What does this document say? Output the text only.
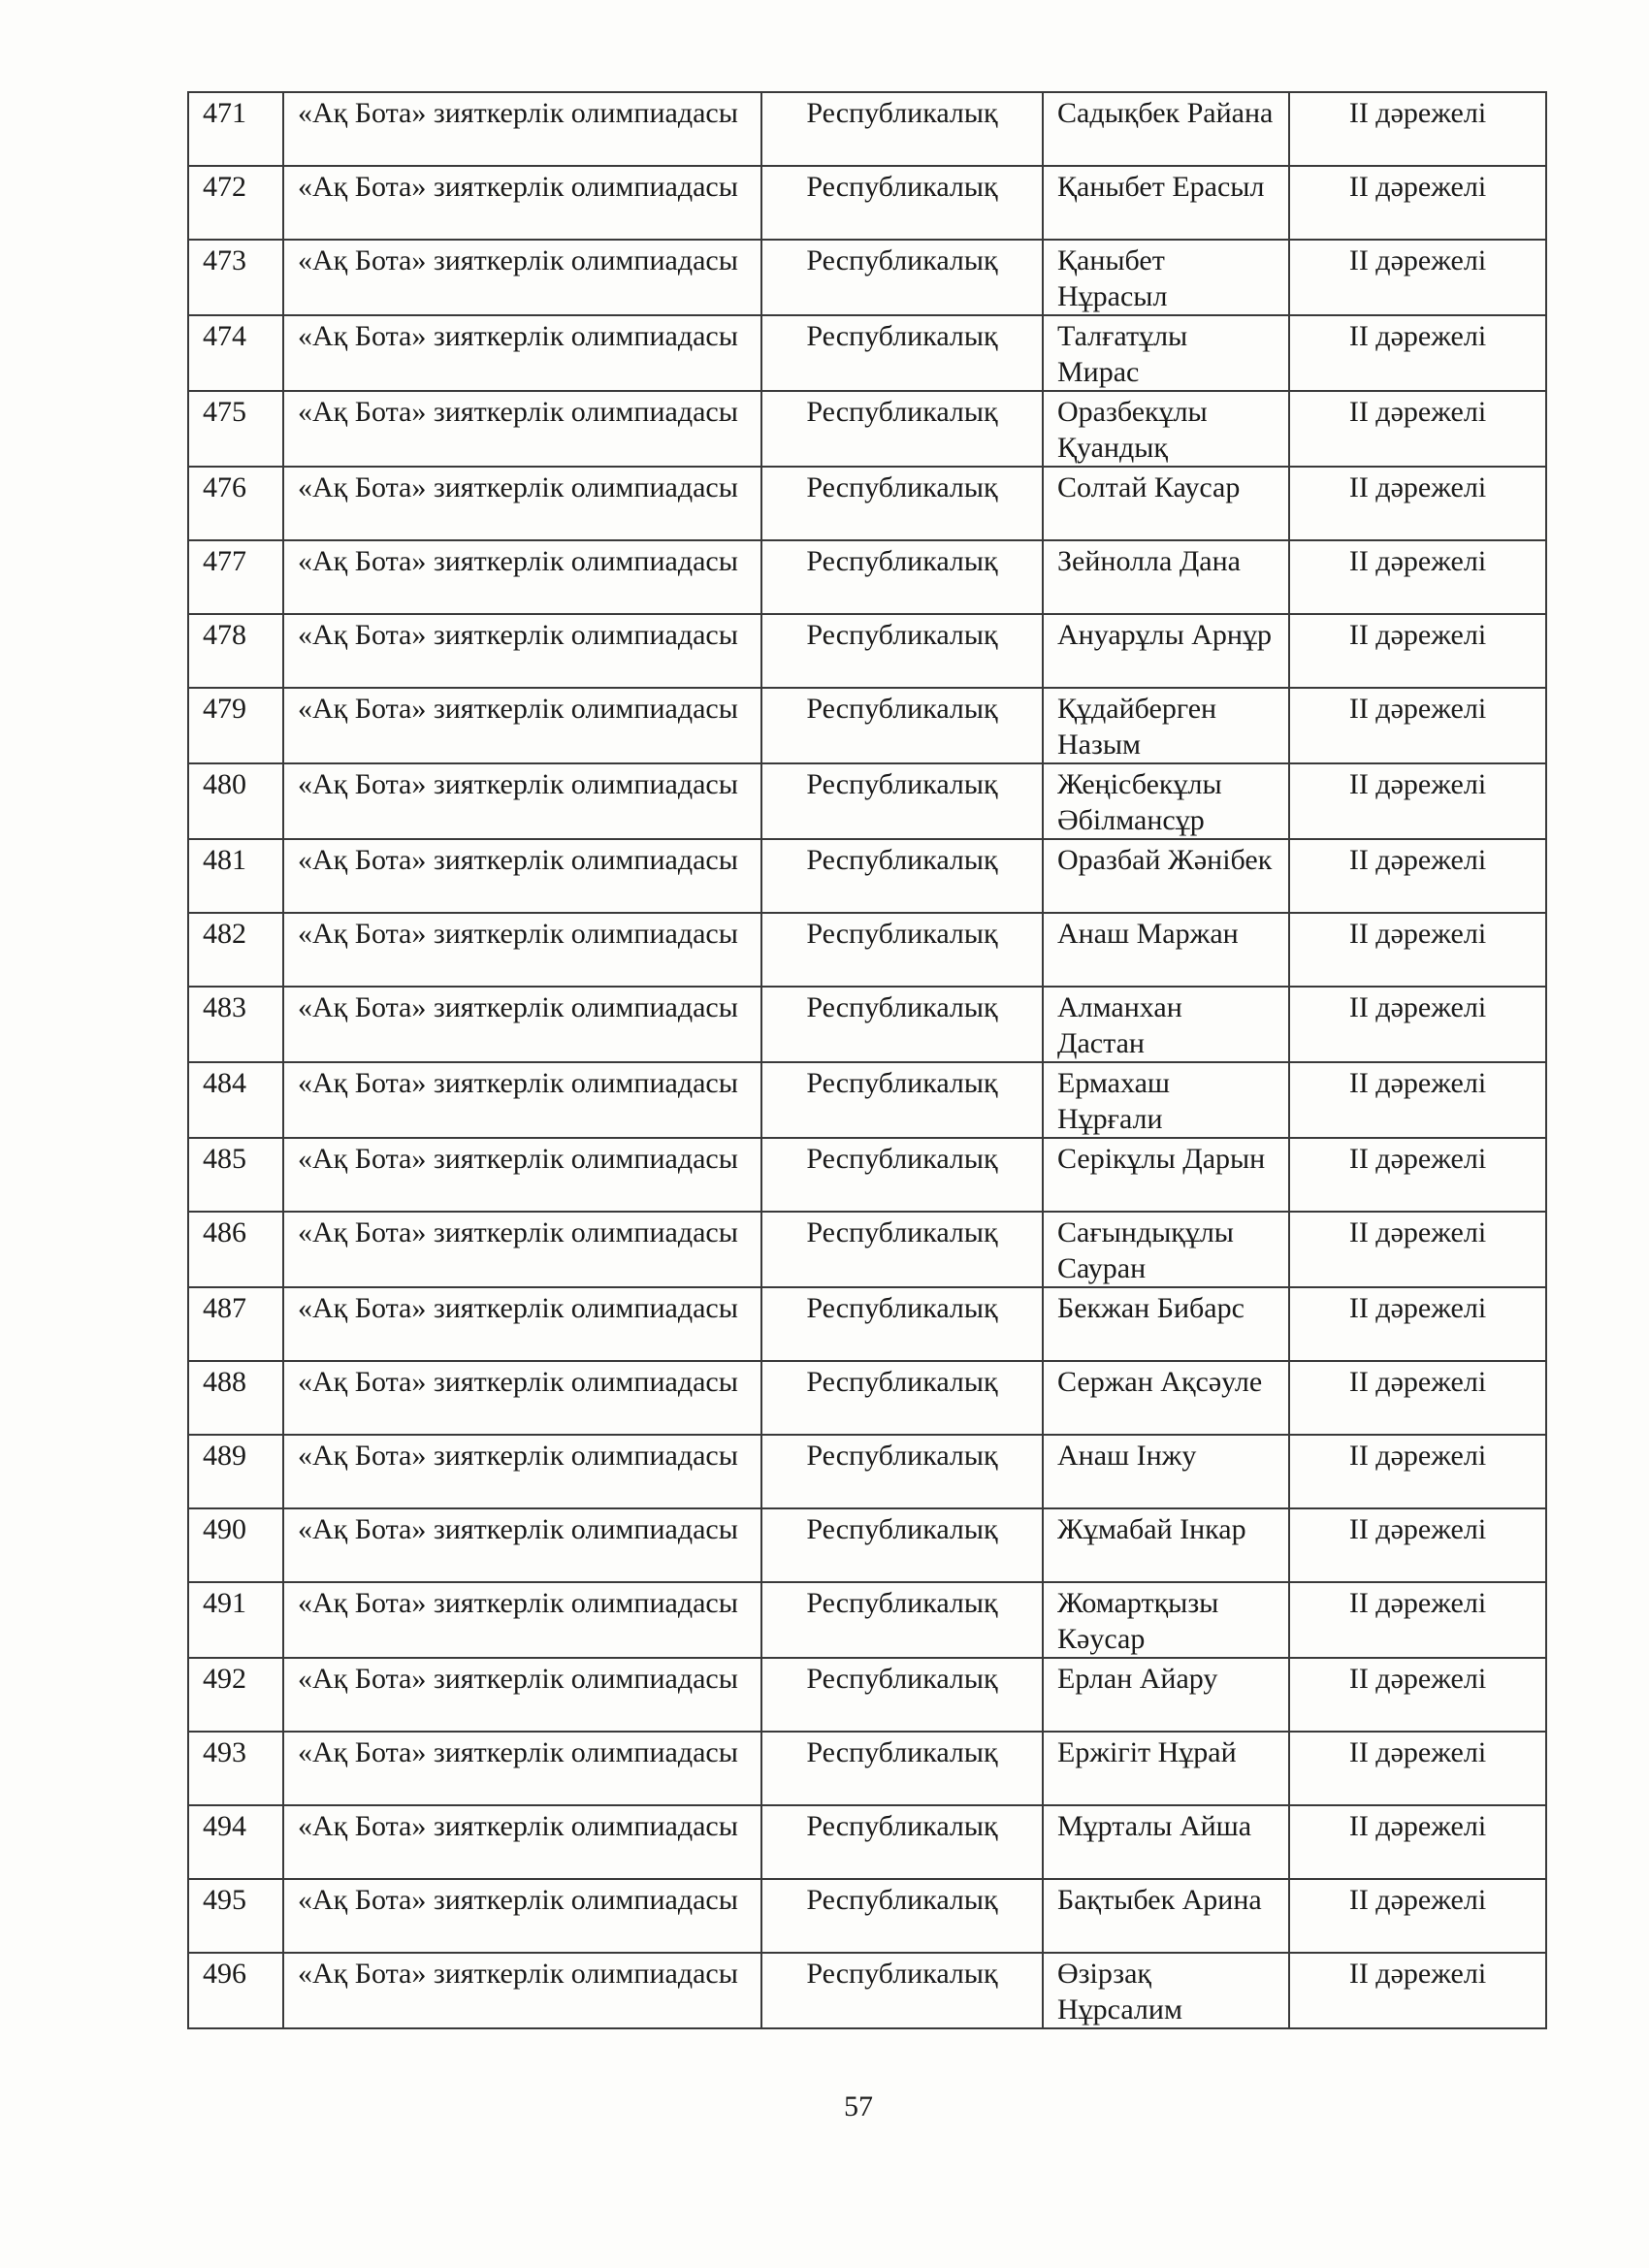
471	«Ақ Бота» зияткерлік олимпиадасы	Республикалық	Садықбек Райана	ІІ дәрежелі
472	«Ақ Бота» зияткерлік олимпиадасы	Республикалық	Қаныбет Ерасыл	ІІ дәрежелі
473	«Ақ Бота» зияткерлік олимпиадасы	Республикалық	Қаныбет Нұрасыл	ІІ дәрежелі
474	«Ақ Бота» зияткерлік олимпиадасы	Республикалық	Талғатұлы Мирас	ІІ дәрежелі
475	«Ақ Бота» зияткерлік олимпиадасы	Республикалық	Оразбекұлы Қуандық	ІІ дәрежелі
476	«Ақ Бота» зияткерлік олимпиадасы	Республикалық	Солтай Каусар	ІІ дәрежелі
477	«Ақ Бота» зияткерлік олимпиадасы	Республикалық	Зейнолла Дана	ІІ дәрежелі
478	«Ақ Бота» зияткерлік олимпиадасы	Республикалық	Ануарұлы Арнұр	ІІ дәрежелі
479	«Ақ Бота» зияткерлік олимпиадасы	Республикалық	Құдайберген Назым	ІІ дәрежелі
480	«Ақ Бота» зияткерлік олимпиадасы	Республикалық	Жеңісбекұлы Әбілмансұр	ІІ дәрежелі
481	«Ақ Бота» зияткерлік олимпиадасы	Республикалық	Оразбай Жәнібек	ІІ дәрежелі
482	«Ақ Бота» зияткерлік олимпиадасы	Республикалық	Анаш Маржан	ІІ дәрежелі
483	«Ақ Бота» зияткерлік олимпиадасы	Республикалық	Алманхан Дастан	ІІ дәрежелі
484	«Ақ Бота» зияткерлік олимпиадасы	Республикалық	Ермахаш Нұрғали	ІІ дәрежелі
485	«Ақ Бота» зияткерлік олимпиадасы	Республикалық	Серікұлы Дарын	ІІ дәрежелі
486	«Ақ Бота» зияткерлік олимпиадасы	Республикалық	Сағындықұлы Сауран	ІІ дәрежелі
487	«Ақ Бота» зияткерлік олимпиадасы	Республикалық	Бекжан Бибарс	ІІ дәрежелі
488	«Ақ Бота» зияткерлік олимпиадасы	Республикалық	Сержан Ақсәуле	ІІ дәрежелі
489	«Ақ Бота» зияткерлік олимпиадасы	Республикалық	Анаш Інжу	ІІ дәрежелі
490	«Ақ Бота» зияткерлік олимпиадасы	Республикалық	Жұмабай Інкар	ІІ дәрежелі
491	«Ақ Бота» зияткерлік олимпиадасы	Республикалық	Жомартқызы Кәусар	ІІ дәрежелі
492	«Ақ Бота» зияткерлік олимпиадасы	Республикалық	Ерлан Айару	ІІ дәрежелі
493	«Ақ Бота» зияткерлік олимпиадасы	Республикалық	Ержігіт Нұрай	ІІ дәрежелі
494	«Ақ Бота» зияткерлік олимпиадасы	Республикалық	Мұрталы Айша	ІІ дәрежелі
495	«Ақ Бота» зияткерлік олимпиадасы	Республикалық	Бақтыбек Арина	ІІ дәрежелі
496	«Ақ Бота» зияткерлік олимпиадасы	Республикалық	Өзірзақ Нұрсалим	ІІ дәрежелі
57
